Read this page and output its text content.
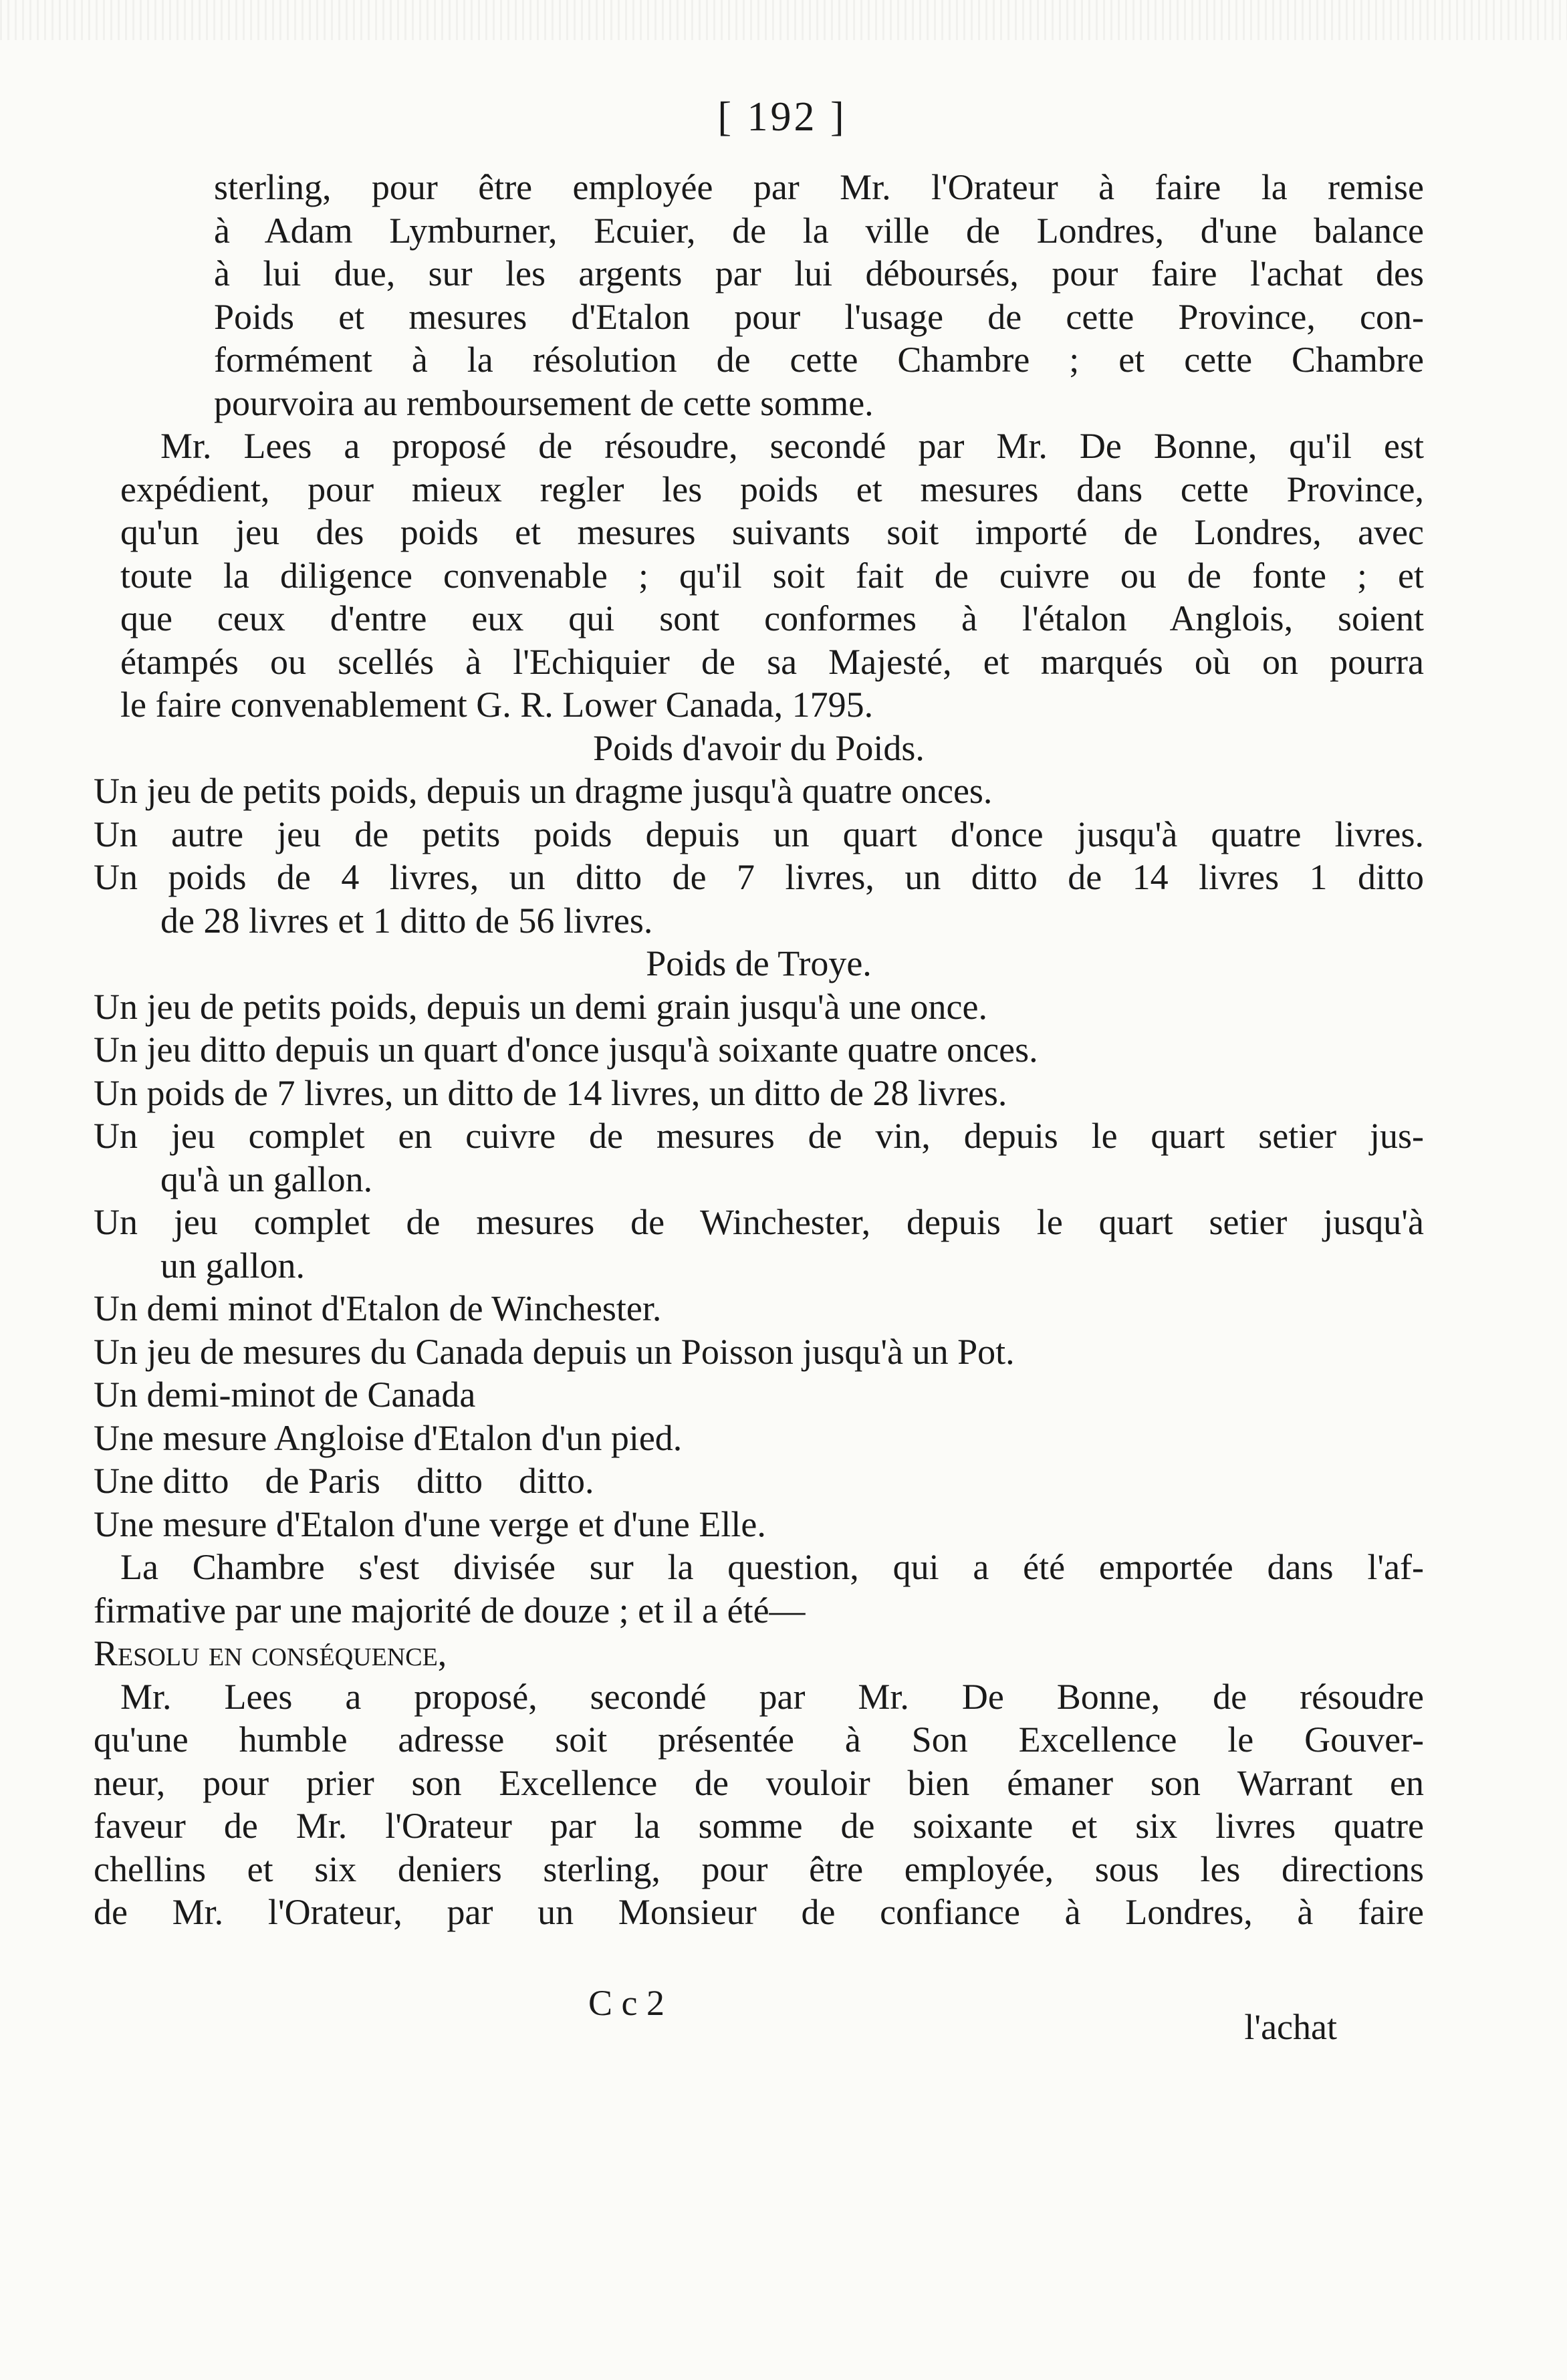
[ 192 ]
sterling, pour être employée par Mr. l'Orateur à faire la remise
à Adam Lymburner, Ecuier, de la ville de Londres, d'une balance
à lui due, sur les argents par lui déboursés, pour faire l'achat des
Poids et mesures d'Etalon pour l'usage de cette Province, con-
formément à la résolution de cette Chambre ; et cette Chambre
pourvoira au remboursement de cette somme.
Mr. Lees a proposé de résoudre, secondé par Mr. De Bonne, qu'il est
expédient, pour mieux regler les poids et mesures dans cette Province,
qu'un jeu des poids et mesures suivants soit importé de Londres, avec
toute la diligence convenable ; qu'il soit fait de cuivre ou de fonte ; et
que ceux d'entre eux qui sont conformes à l'étalon Anglois, soient
étampés ou scellés à l'Echiquier de sa Majesté, et marqués où on pourra
le faire convenablement G. R. Lower Canada, 1795.
Poids d'avoir du Poids.
Un jeu de petits poids, depuis un dragme jusqu'à quatre onces.
Un autre jeu de petits poids depuis un quart d'once jusqu'à quatre livres.
Un poids de 4 livres, un ditto de 7 livres, un ditto de 14 livres 1 ditto
de 28 livres et 1 ditto de 56 livres.
Poids de Troye.
Un jeu de petits poids, depuis un demi grain jusqu'à une once.
Un jeu ditto depuis un quart d'once jusqu'à soixante quatre onces.
Un poids de 7 livres, un ditto de 14 livres, un ditto de 28 livres.
Un jeu complet en cuivre de mesures de vin, depuis le quart setier jus-
qu'à un gallon.
Un jeu complet de mesures de Winchester, depuis le quart setier jusqu'à
un gallon.
Un demi minot d'Etalon de Winchester.
Un jeu de mesures du Canada depuis un Poisson jusqu'à un Pot.
Un demi-minot de Canada
Une mesure Angloise d'Etalon d'un pied.
Une ditto    de Paris    ditto    ditto.
Une mesure d'Etalon d'une verge et d'une Elle.
La Chambre s'est divisée sur la question, qui a été emportée dans l'af-
firmative par une majorité de douze ; et il a été—
Resolu en conséquence,
Mr. Lees a proposé, secondé par Mr. De Bonne, de résoudre
qu'une humble adresse soit présentée à Son Excellence le Gouver-
neur, pour prier son Excellence de vouloir bien émaner son Warrant en
faveur de Mr. l'Orateur par la somme de soixante et six livres quatre
chellins et six deniers sterling, pour être employée, sous les directions
de Mr. l'Orateur, par un Monsieur de confiance à Londres, à faire
C c 2
l'achat
